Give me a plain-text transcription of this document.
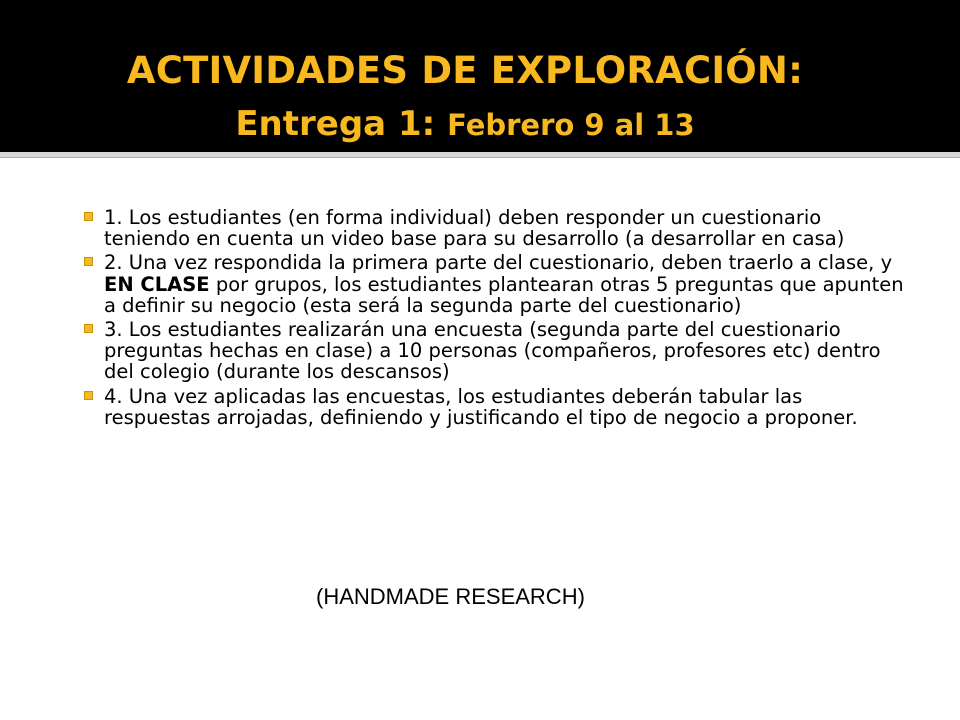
ACTIVIDADES DE EXPLORACIÓN:
Entrega 1: Febrero 9 al 13
1. Los estudiantes (en forma individual) deben responder un cuestionario teniendo en cuenta un video base para su desarrollo (a desarrollar en casa)
2. Una vez respondida la primera parte del cuestionario, deben traerlo a clase, y EN CLASE por grupos, los estudiantes plantearan otras 5 preguntas que apunten a definir su negocio (esta será la segunda parte del cuestionario)
3. Los estudiantes realizarán una encuesta (segunda parte del cuestionario preguntas hechas en clase) a 10 personas (compañeros, profesores etc) dentro del colegio (durante los descansos)
4. Una vez aplicadas las encuestas, los estudiantes deberán tabular las respuestas arrojadas, definiendo y justificando el tipo de negocio a proponer.
(HANDMADE RESEARCH)
